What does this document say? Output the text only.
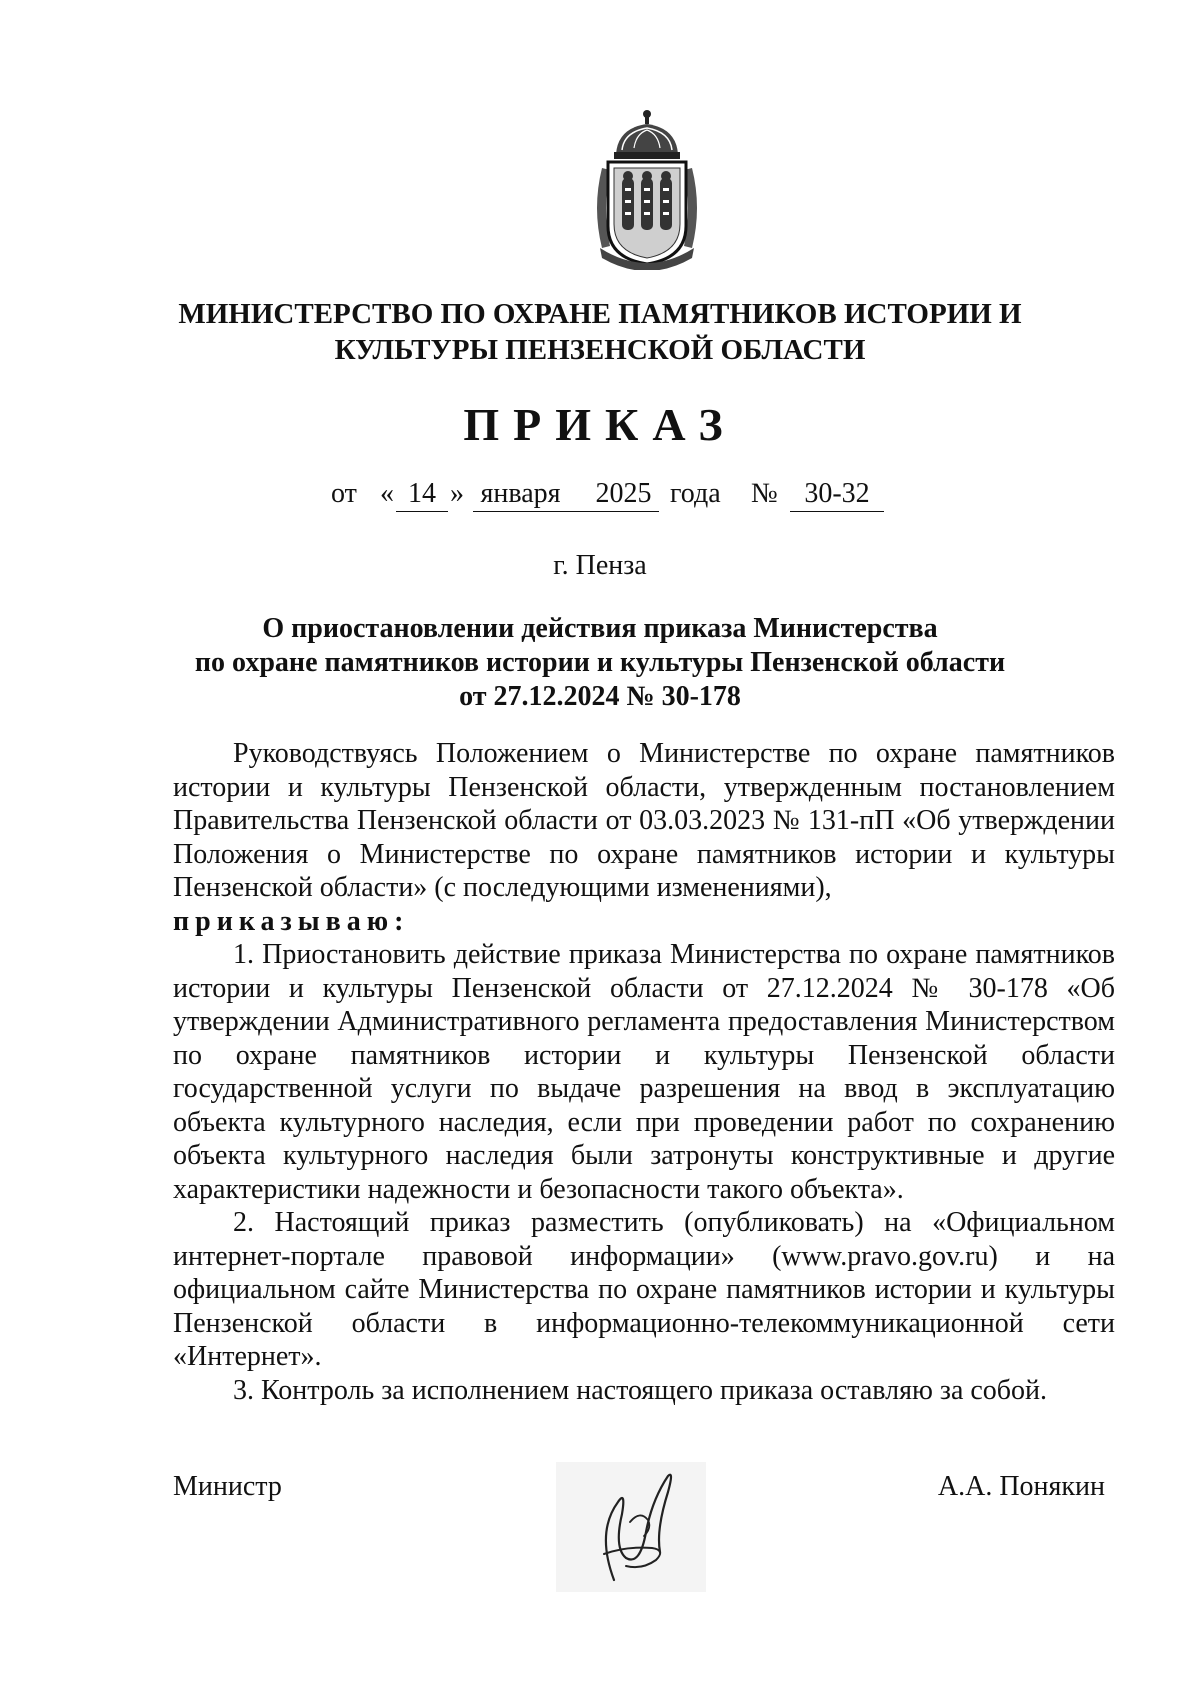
МИНИСТЕРСТВО ПО ОХРАНЕ ПАМЯТНИКОВ ИСТОРИИ И
КУЛЬТУРЫ ПЕНЗЕНСКОЙ ОБЛАСТИ
ПРИКАЗ
от « 14 » января 2025 года № 30-32
г. Пенза
О приостановлении действия приказа Министерства
по охране памятников истории и культуры Пензенской области
от 27.12.2024 № 30-178

Руководствуясь Положением о Министерстве по охране памятников истории и культуры Пензенской области, утвержденным постановлением Правительства Пензенской области от 03.03.2023 № 131-пП «Об утверждении Положения о Министерстве по охране памятников истории и культуры Пензенской области» (с последующими изменениями),

приказываю:

1. Приостановить действие приказа Министерства по охране памятников истории и культуры Пензенской области от 27.12.2024 № 30-178 «Об утверждении Административного регламента предоставления Министерством по охране памятников истории и культуры Пензенской области государственной услуги по выдаче разрешения на ввод в эксплуатацию объекта культурного наследия, если при проведении работ по сохранению объекта культурного наследия были затронуты конструктивные и другие характеристики надежности и безопасности такого объекта».

2. Настоящий приказ разместить (опубликовать) на «Официальном интернет-портале правовой информации» (www.pravo.gov.ru) и на официальном сайте Министерства по охране памятников истории и культуры Пензенской области в информационно-телекоммуникационной сети «Интернет».

3. Контроль за исполнением настоящего приказа оставляю за собой.

Министр	А.А. Понякин
